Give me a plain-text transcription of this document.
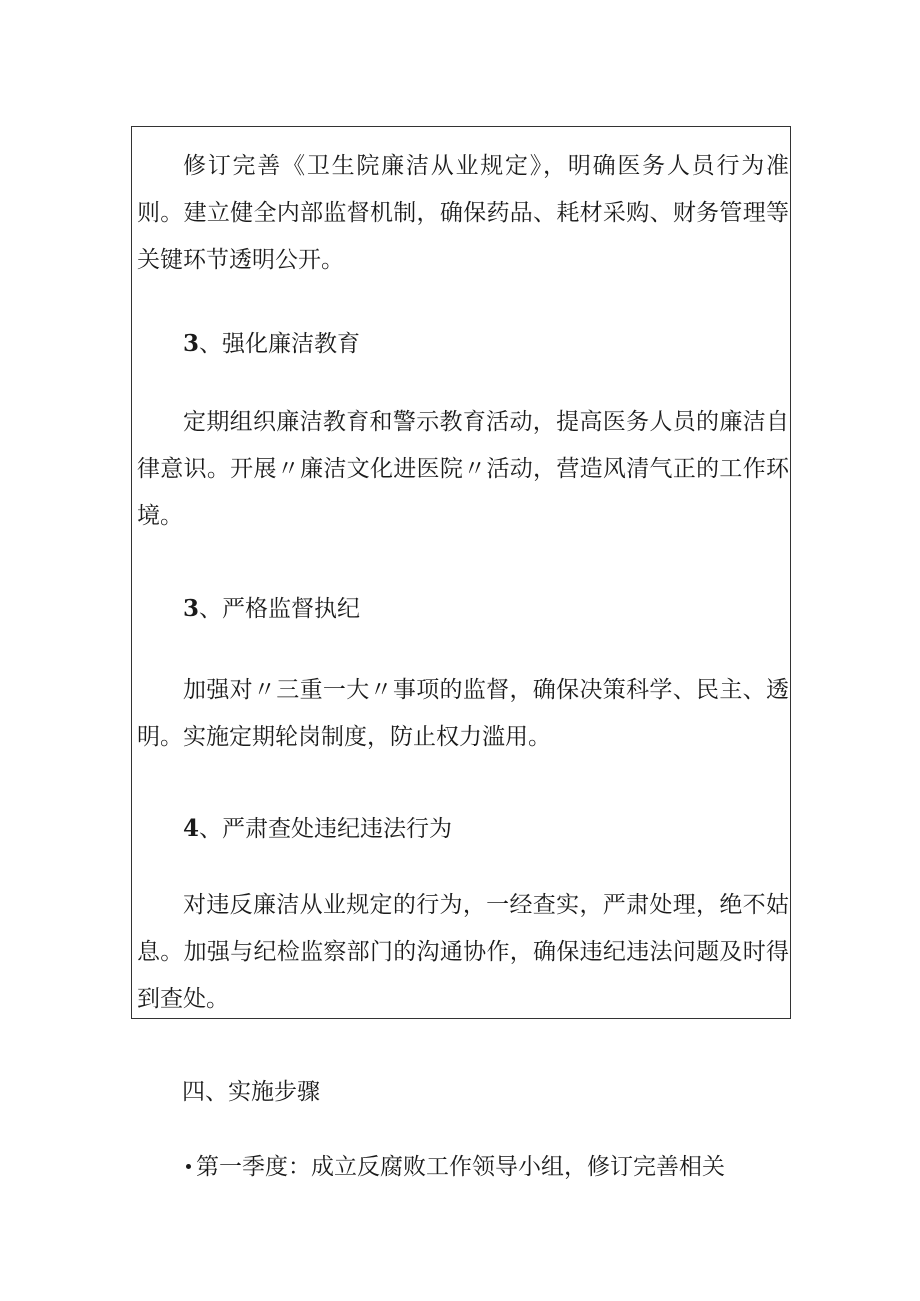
修订完善《卫生院廉洁从业规定》，明确医务人员行为准则。建立健全内部监督机制，确保药品、耗材采购、财务管理等关键环节透明公开。

3、强化廉洁教育

定期组织廉洁教育和警示教育活动，提高医务人员的廉洁自律意识。开展〃廉洁文化进医院〃活动，营造风清气正的工作环境。

3、严格监督执纪

加强对〃三重一大〃事项的监督，确保决策科学、民主、透明。实施定期轮岗制度，防止权力滥用。

4、严肃查处违纪违法行为

对违反廉洁从业规定的行为，一经查实，严肃处理，绝不姑息。加强与纪检监察部门的沟通协作，确保违纪违法问题及时得到查处。

四、实施步骤

第一季度：成立反腐败工作领导小组，修订完善相关
